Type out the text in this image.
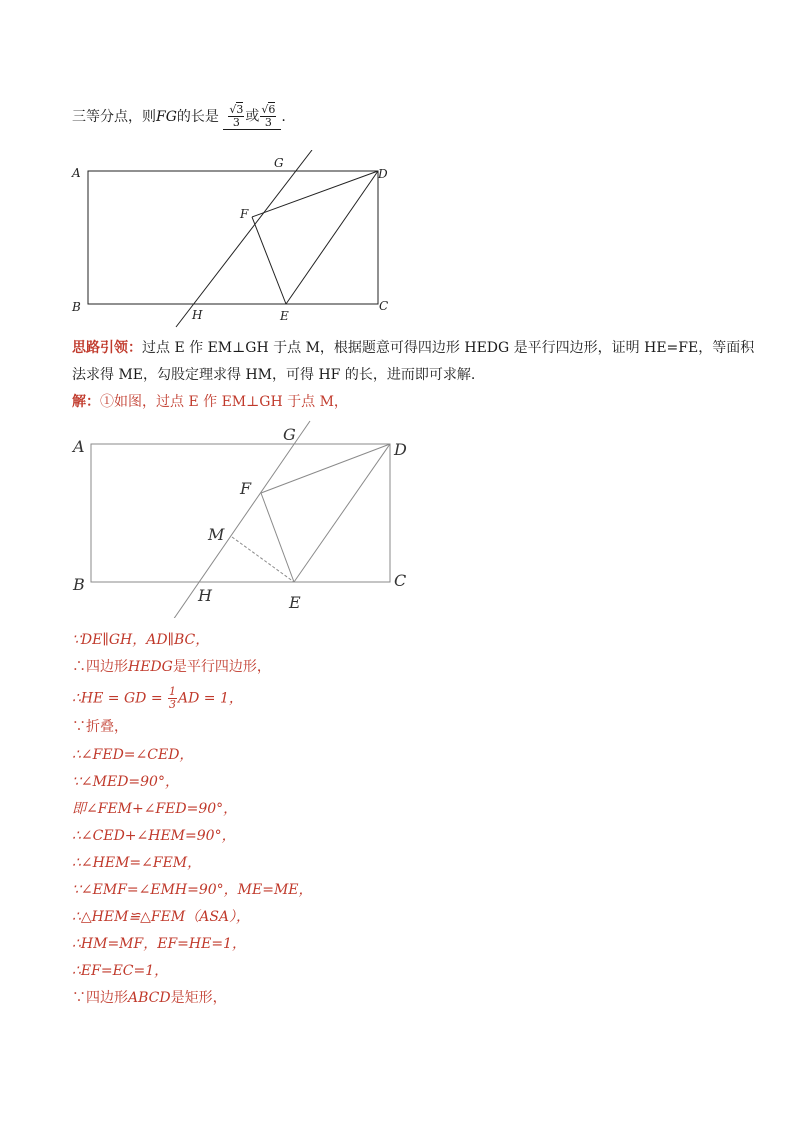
三等分点，则FG的长是 $\frac{√3}{3}$ 或 $\frac{√6}{3}$ .
A
B	C
D
E
F
G
H
思路引领：过点 E 作 EM⊥GH 于点 M，根据题意可得四边形 HEDG 是平行四边形，证明 HE=FE，等面积
法求得 ME，勾股定理求得 HM，可得 HF 的长，进而即可求解.
解：①如图，过点 E 作 EM⊥GH 于点 M，
A
B	C
D
E
F
G
H
M
∵DE∥GH，AD∥BC，
∴四边形HEDG是平行四边形，
∴HE = GD = $\frac{1}{3}$ AD = 1，
∵折叠，
∴∠FED=∠CED，
∵∠MED=90°，
即∠FEM+∠FED=90°，
∴∠CED+∠HEM=90°，
∴∠HEM=∠FEM，
∵∠EMF=∠EMH=90°，ME=ME，
∴△HEM≌△FEM（ASA），
∴HM=MF，EF=HE=1，
∴EF=EC=1，
∵四边形ABCD是矩形，
